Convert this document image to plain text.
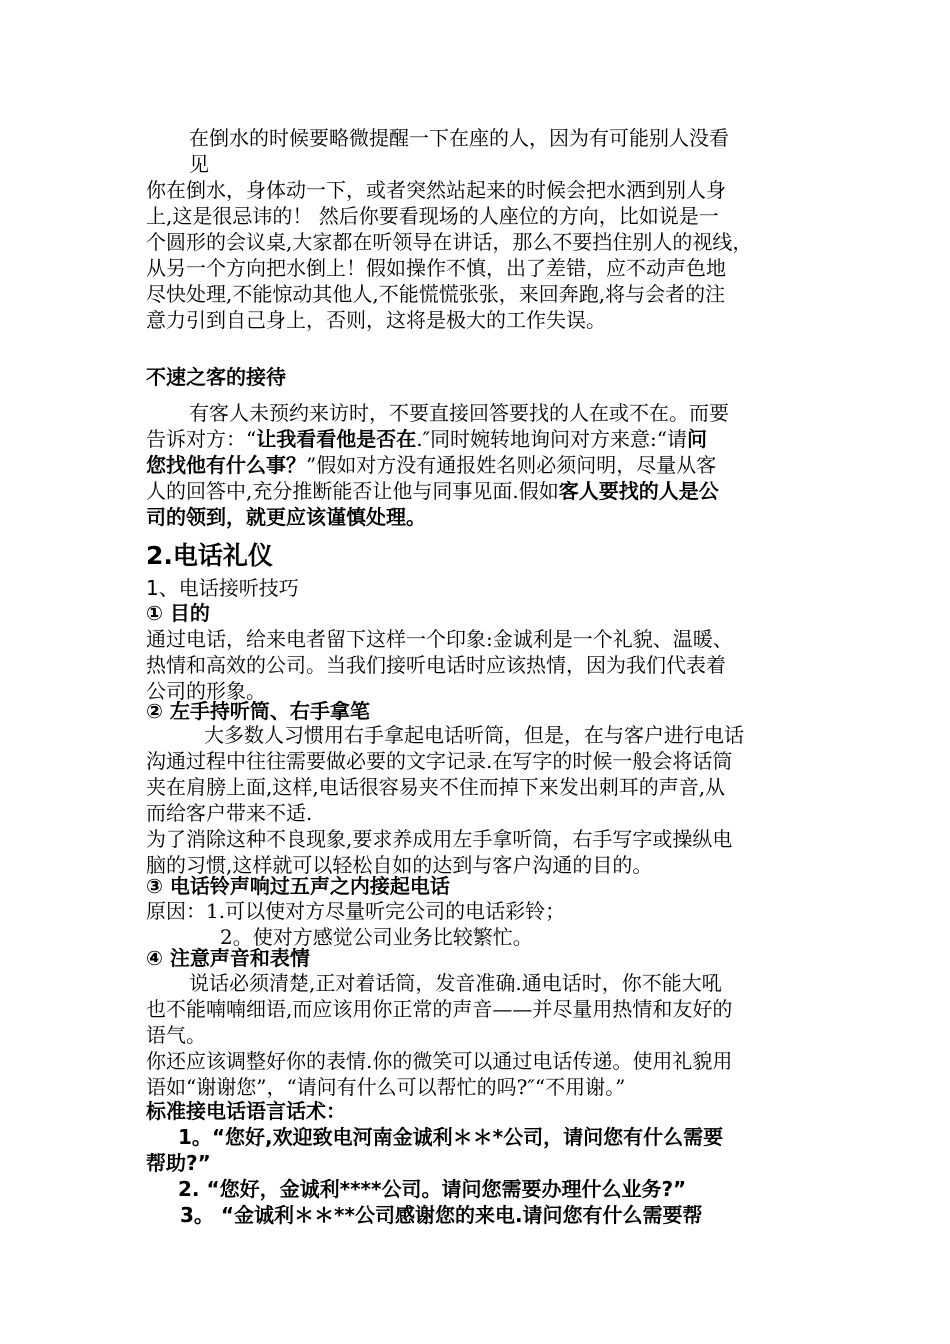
在倒水的时候要略微提醒一下在座的人，因为有可能别人没看
见
你在倒水，身体动一下，或者突然站起来的时候会把水洒到别人身
上,这是很忌讳的！ 然后你要看现场的人座位的方向，比如说是一
个圆形的会议桌,大家都在听领导在讲话，那么不要挡住别人的视线，
从另一个方向把水倒上！假如操作不慎，出了差错，应不动声色地
尽快处理,不能惊动其他人,不能慌慌张张，来回奔跑,将与会者的注
意力引到自己身上，否则，这将是极大的工作失误。
不速之客的接待
有客人未预约来访时，不要直接回答要找的人在或不在。而要
告诉对方：“让我看看他是否在.″同时婉转地询问对方来意:“请问
您找他有什么事？”假如对方没有通报姓名则必须问明，尽量从客
人的回答中,充分推断能否让他与同事见面.假如客人要找的人是公
司的领到，就更应该谨慎处理。
2.电话礼仪
1、电话接听技巧
① 目的
通过电话，给来电者留下这样一个印象:金诚利是一个礼貌、温暖、
热情和高效的公司。当我们接听电话时应该热情，因为我们代表着
公司的形象。
② 左手持听筒、右手拿笔
大多数人习惯用右手拿起电话听筒，但是，在与客户进行电话
沟通过程中往往需要做必要的文字记录.在写字的时候一般会将话筒
夹在肩膀上面,这样,电话很容易夹不住而掉下来发出刺耳的声音,从
而给客户带来不适.
为了消除这种不良现象,要求养成用左手拿听筒，右手写字或操纵电
脑的习惯,这样就可以轻松自如的达到与客户沟通的目的。
③ 电话铃声响过五声之内接起电话
原因：1.可以使对方尽量听完公司的电话彩铃；
2。使对方感觉公司业务比较繁忙。
④ 注意声音和表情
说话必须清楚,正对着话筒，发音准确.通电话时，你不能大吼
也不能喃喃细语,而应该用你正常的声音——并尽量用热情和友好的
语气。
你还应该调整好你的表情.你的微笑可以通过电话传递。使用礼貌用
语如“谢谢您”，“请问有什么可以帮忙的吗?″“不用谢。”
标准接电话语言话术：
1。“您好,欢迎致电河南金诚利＊＊*公司，请问您有什么需要
帮助?”
2. “您好，金诚利****公司。请问您需要办理什么业务?”
3。 “金诚利＊＊**公司感谢您的来电.请问您有什么需要帮
